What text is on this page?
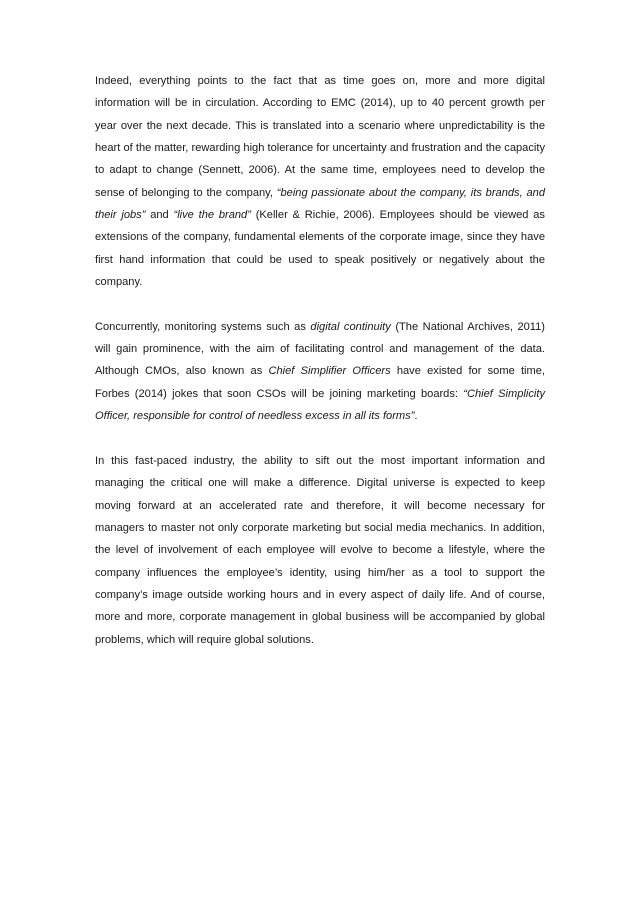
Indeed, everything points to the fact that as time goes on, more and more digital information will be in circulation. According to EMC (2014), up to 40 percent growth per year over the next decade. This is translated into a scenario where unpredictability is the heart of the matter, rewarding high tolerance for uncertainty and frustration and the capacity to adapt to change (Sennett, 2006). At the same time, employees need to develop the sense of belonging to the company, “being passionate about the company, its brands, and their jobs” and “live the brand” (Keller & Richie, 2006). Employees should be viewed as extensions of the company, fundamental elements of the corporate image, since they have first hand information that could be used to speak positively or negatively about the company.

Concurrently, monitoring systems such as digital continuity (The National Archives, 2011) will gain prominence, with the aim of facilitating control and management of the data. Although CMOs, also known as Chief Simplifier Officers have existed for some time, Forbes (2014) jokes that soon CSOs will be joining marketing boards: “Chief Simplicity Officer, responsible for control of needless excess in all its forms”.

In this fast-paced industry, the ability to sift out the most important information and managing the critical one will make a difference. Digital universe is expected to keep moving forward at an accelerated rate and therefore, it will become necessary for managers to master not only corporate marketing but social media mechanics. In addition, the level of involvement of each employee will evolve to become a lifestyle, where the company influences the employee’s identity, using him/her as a tool to support the company’s image outside working hours and in every aspect of daily life. And of course, more and more, corporate management in global business will be accompanied by global problems, which will require global solutions.
